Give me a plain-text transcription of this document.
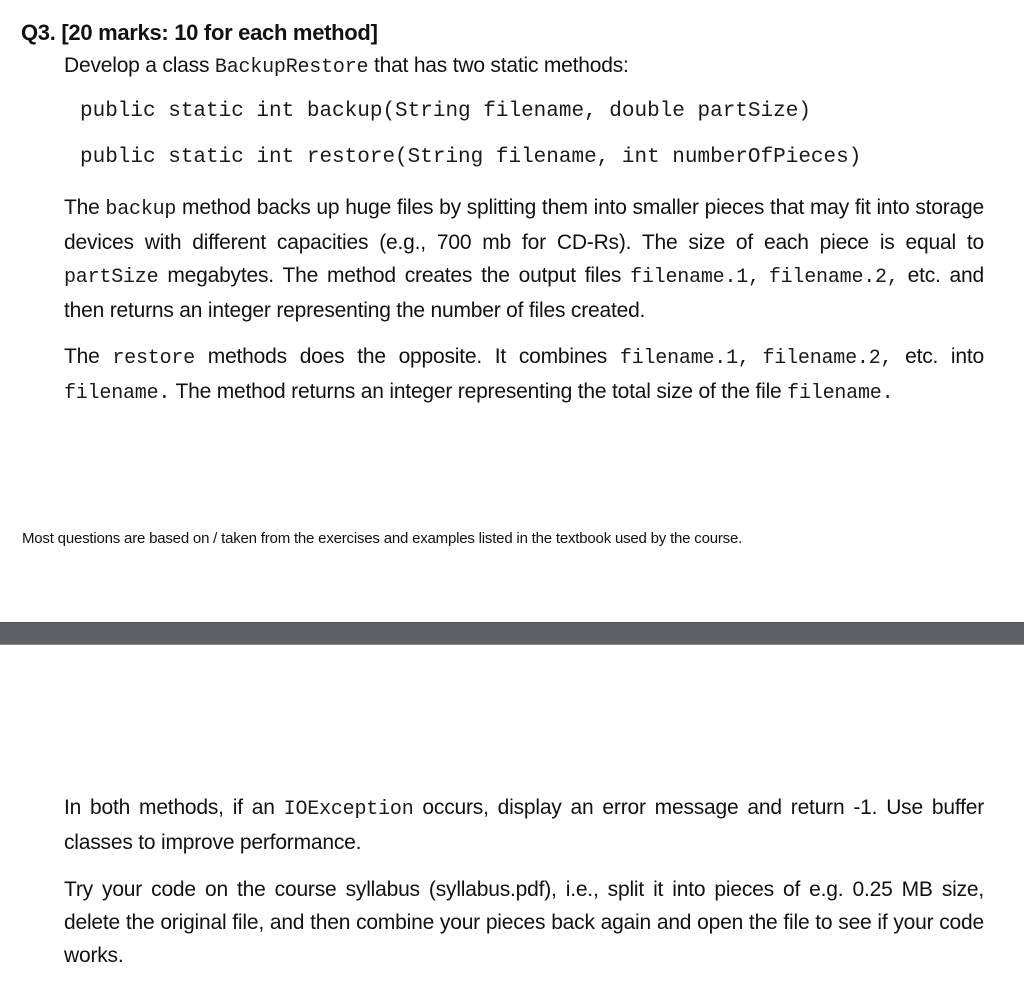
Q3. [20 marks: 10 for each method]
Develop a class BackupRestore that has two static methods:
public static int backup(String filename, double partSize)
public static int restore(String filename, int numberOfPieces)
The backup method backs up huge files by splitting them into smaller pieces that may fit into storage devices with different capacities (e.g., 700 mb for CD-Rs). The size of each piece is equal to partSize megabytes. The method creates the output files filename.1, filename.2, etc. and then returns an integer representing the number of files created.
The restore methods does the opposite. It combines filename.1, filename.2, etc. into filename. The method returns an integer representing the total size of the file filename.
Most questions are based on / taken from the exercises and examples listed in the textbook used by the course.
In both methods, if an IOException occurs, display an error message and return -1. Use buffer classes to improve performance.
Try your code on the course syllabus (syllabus.pdf), i.e., split it into pieces of e.g. 0.25 MB size, delete the original file, and then combine your pieces back again and open the file to see if your code works.
